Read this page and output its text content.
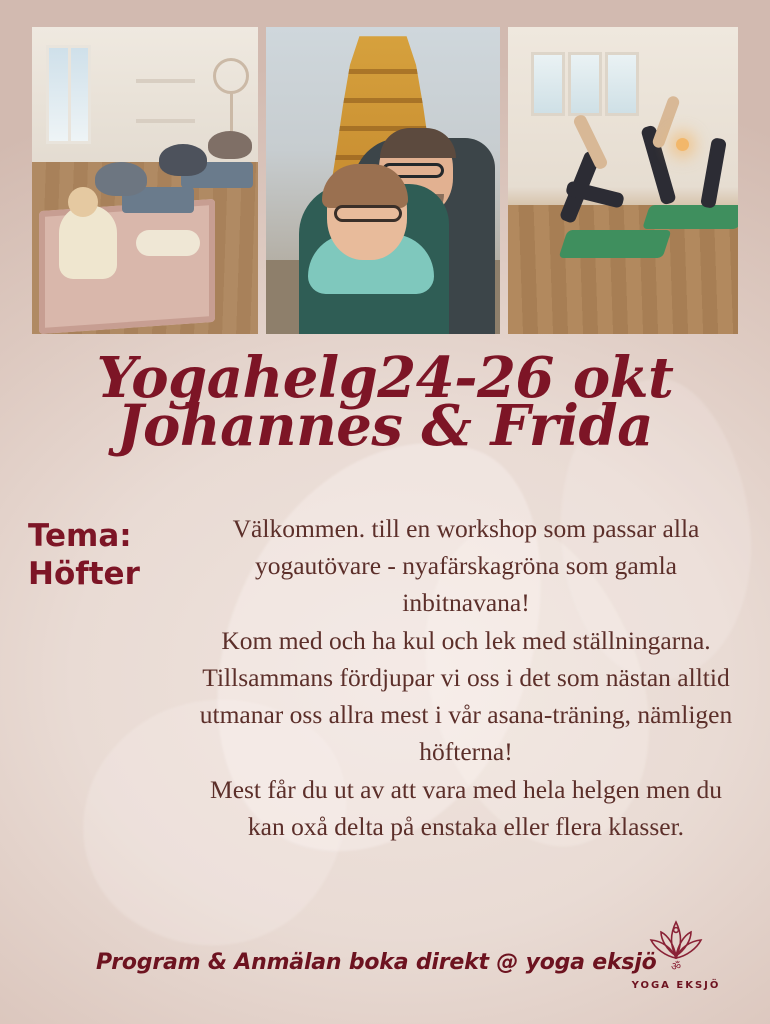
Yogahelg24-26 okt
Johannes & Frida
Tema:
Höfter

Välkommen. till en workshop som passar alla yogautövare - nyafärskagröna som gamla inbitnavana!

Kom med och ha kul och lek med ställningarna. Tillsammans fördjupar vi oss i det som nästan alltid utmanar oss allra mest i vår asana-träning, nämligen höfterna!

Mest får du ut av att vara med hela helgen men du kan oxå delta på enstaka eller flera klasser.

Program & Anmälan boka direkt @ yoga eksjö ॐ
YOGA EKSJÖ
